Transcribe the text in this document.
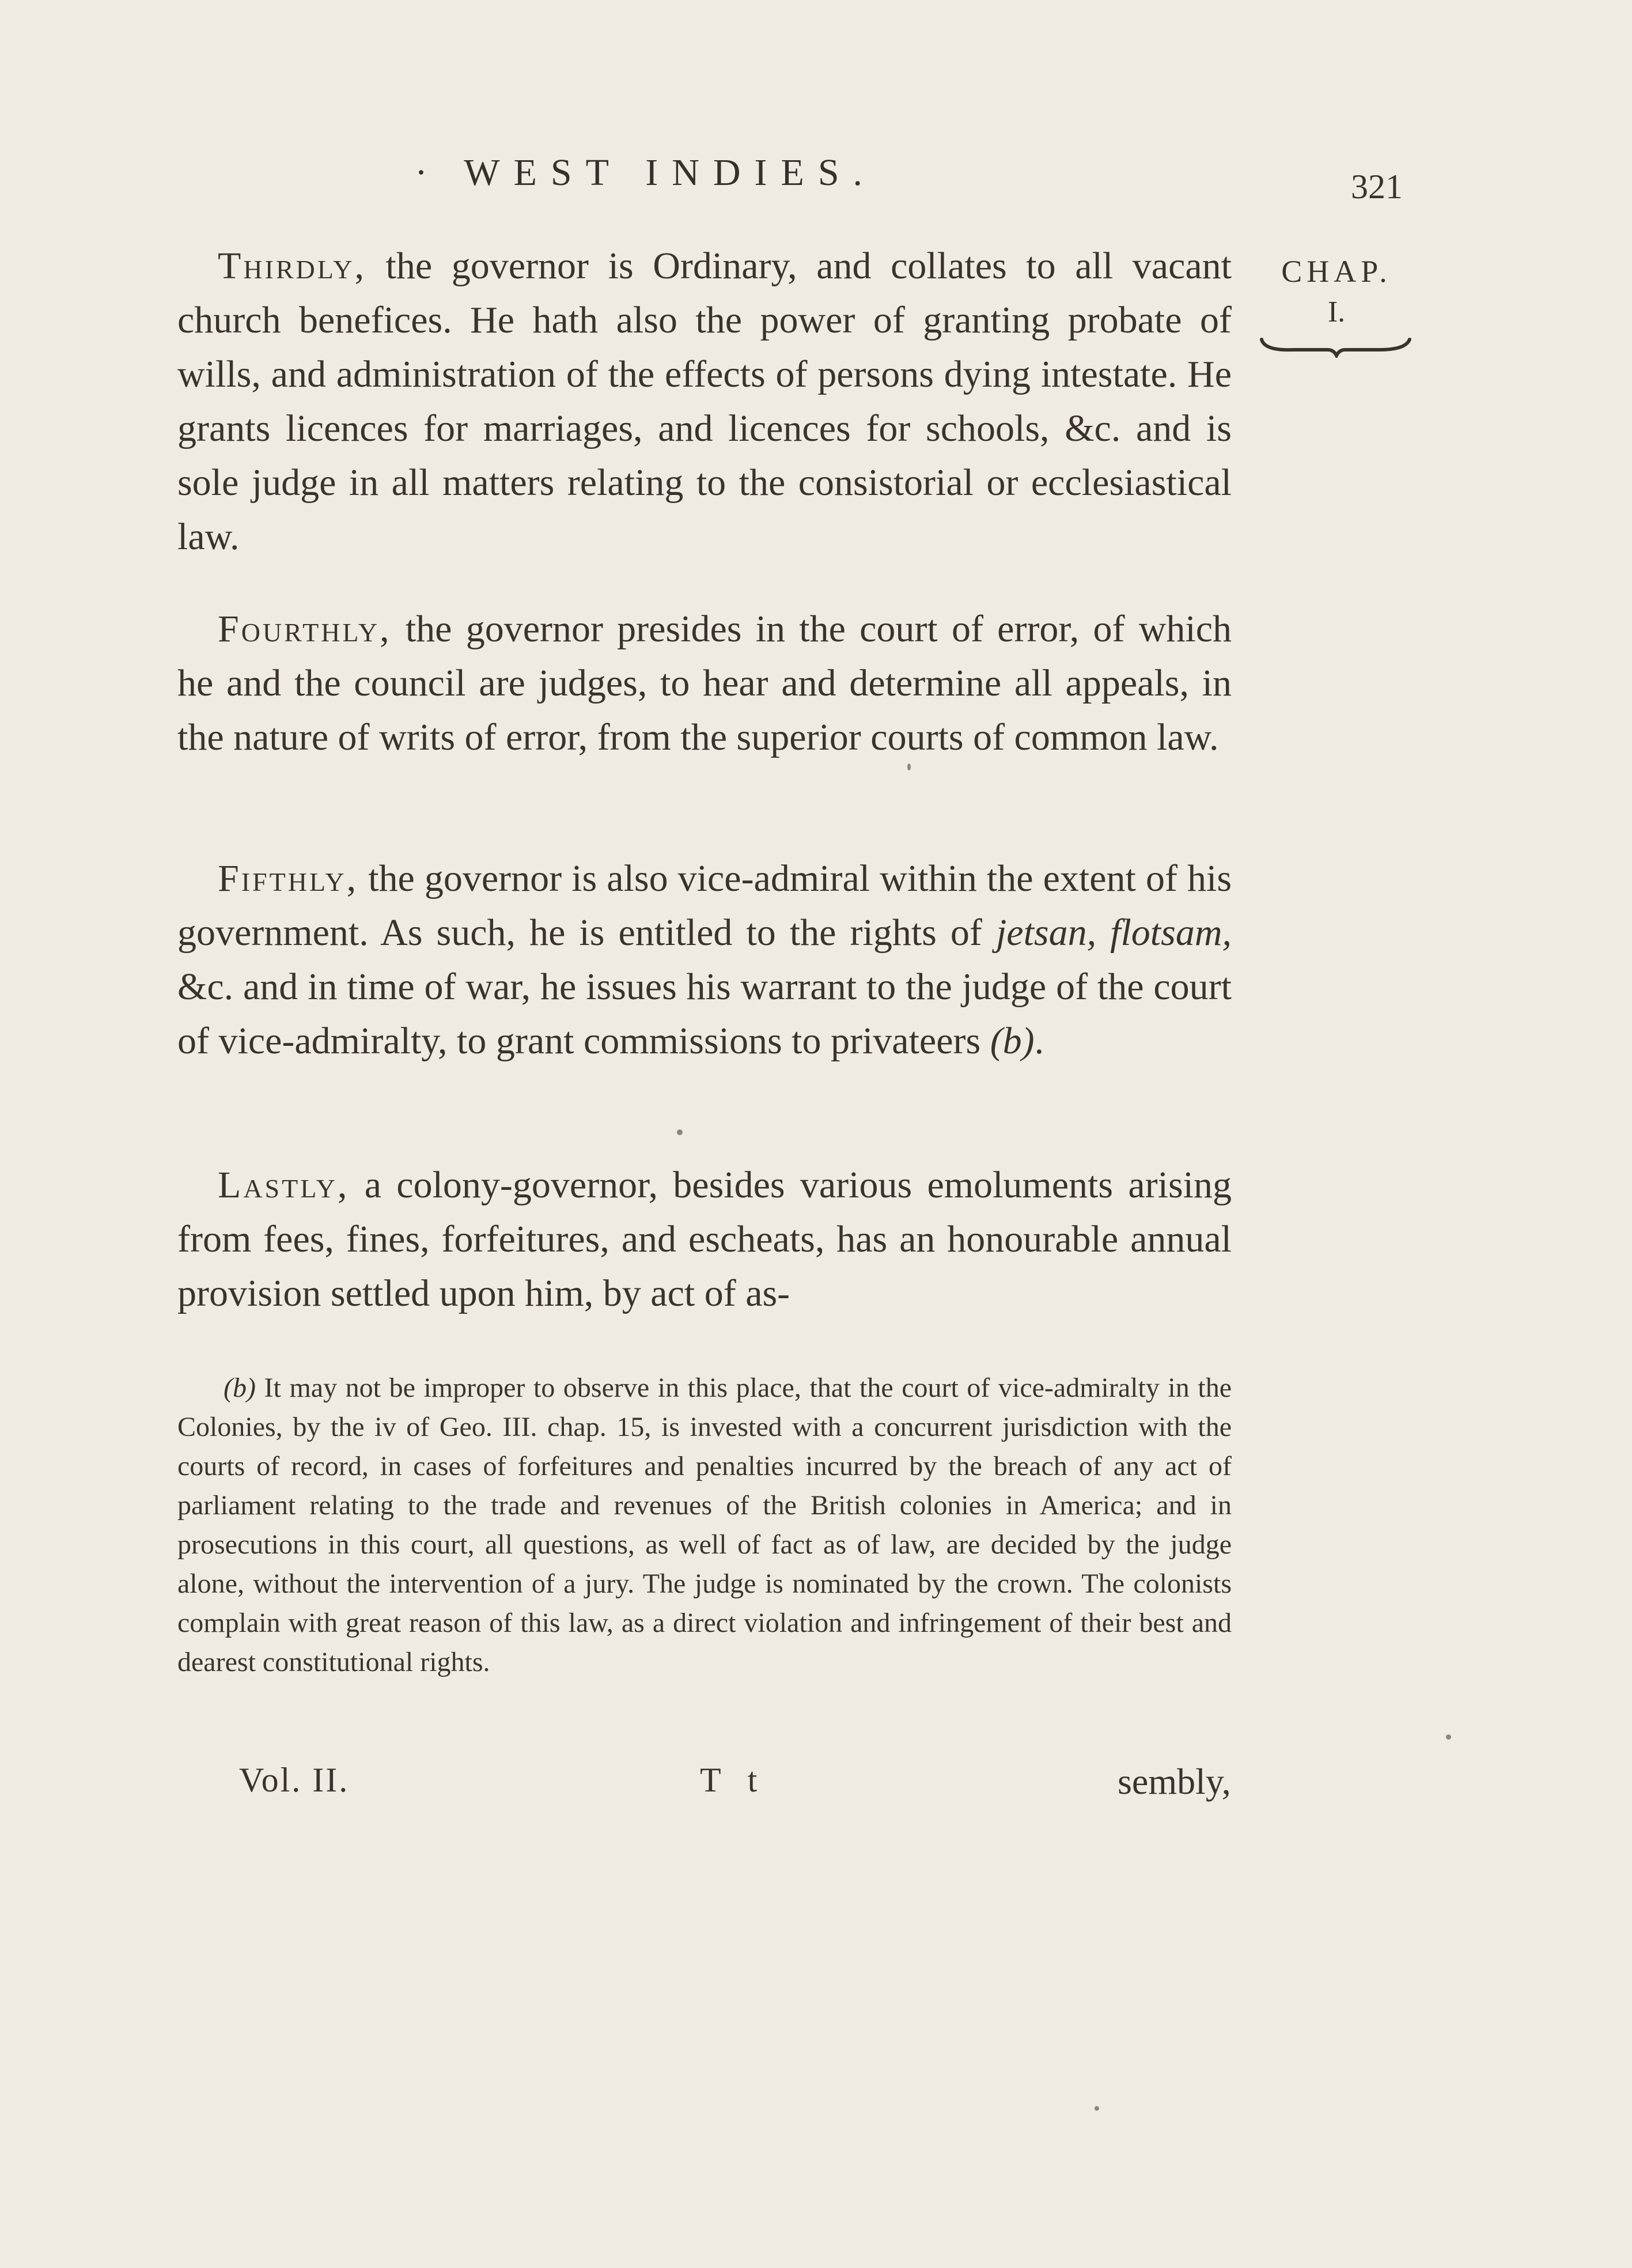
· WEST INDIES.	321
CHAP.
I.

Thirdly, the governor is Ordinary, and collates to all vacant church benefices. He hath also the power of granting probate of wills, and administration of the effects of persons dying intestate. He grants licences for marriages, and licences for schools, &c. and is sole judge in all matters relating to the consistorial or ecclesiastical law.

Fourthly, the governor presides in the court of error, of which he and the council are judges, to hear and determine all appeals, in the nature of writs of error, from the superior courts of common law.

Fifthly, the governor is also vice-admiral within the extent of his government. As such, he is entitled to the rights of jetsan, flotsam, &c. and in time of war, he issues his warrant to the judge of the court of vice-admiralty, to grant commissions to privateers (b).

Lastly, a colony-governor, besides various emoluments arising from fees, fines, forfeitures, and escheats, has an honourable annual provision settled upon him, by act of as-

(b) It may not be improper to observe in this place, that the court of vice-admiralty in the Colonies, by the iv of Geo. III. chap. 15, is invested with a concurrent jurisdiction with the courts of record, in cases of forfeitures and penalties incurred by the breach of any act of parliament relating to the trade and revenues of the British colonies in America; and in prosecutions in this court, all questions, as well of fact as of law, are decided by the judge alone, without the intervention of a jury. The judge is nominated by the crown. The colonists complain with great reason of this law, as a direct violation and infringement of their best and dearest constitutional rights.

Vol. II.	T t	sembly,
